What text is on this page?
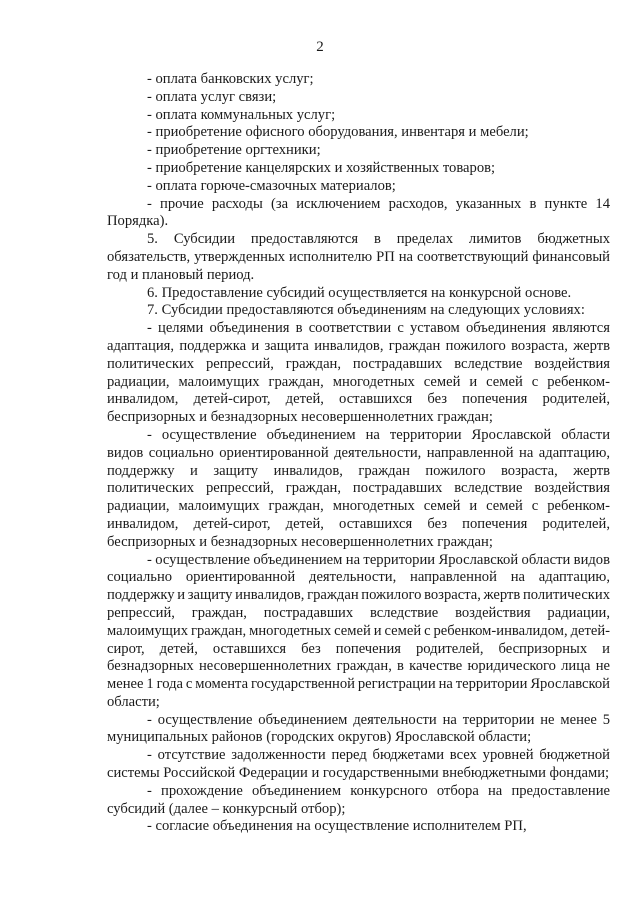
2

- оплата банковских услуг;

- оплата услуг связи;

- оплата коммунальных услуг;

- приобретение офисного оборудования, инвентаря и мебели;

- приобретение оргтехники;

- приобретение канцелярских и хозяйственных товаров;

- оплата горюче-смазочных материалов;

- прочие расходы (за исключением расходов, указанных в пункте 14 Порядка).

5. Субсидии предоставляются в пределах лимитов бюджетных обязательств, утвержденных исполнителю РП на соответствующий финансовый год и плановый период.

6. Предоставление субсидий осуществляется на конкурсной основе.

7. Субсидии предоставляются объединениям на следующих условиях:

- целями объединения в соответствии с уставом объединения являются адаптация, поддержка и защита инвалидов, граждан пожилого возраста, жертв политических репрессий, граждан, пострадавших вследствие воздействия радиации, малоимущих граждан, многодетных семей и семей с ребенком-инвалидом, детей-сирот, детей, оставшихся без попечения родителей, беспризорных и безнадзорных несовершеннолетних граждан;

- осуществление объединением на территории Ярославской области видов социально ориентированной деятельности, направленной на адаптацию, поддержку и защиту инвалидов, граждан пожилого возраста, жертв политических репрессий, граждан, пострадавших вследствие воздействия радиации, малоимущих граждан, многодетных семей и семей с ребенком-инвалидом, детей-сирот, детей, оставшихся без попечения родителей, беспризорных и безнадзорных несовершеннолетних граждан;

- осуществление объединением на территории Ярославской области видов социально ориентированной деятельности, направленной на адаптацию, поддержку и защиту инвалидов, граждан пожилого возраста, жертв политических репрессий, граждан, пострадавших вследствие воздействия радиации, малоимущих граждан, многодетных семей и семей с ребенком-инвалидом, детей-сирот, детей, оставшихся без попечения родителей, беспризорных и безнадзорных несовершеннолетних граждан, в качестве юридического лица не менее 1 года с момента государственной регистрации на территории Ярославской области;

- осуществление объединением деятельности на территории не менее 5 муниципальных районов (городских округов) Ярославской области;

- отсутствие задолженности перед бюджетами всех уровней бюджетной системы Российской Федерации и государственными внебюджетными фондами;

- прохождение объединением конкурсного отбора на предоставление субсидий (далее – конкурсный отбор);

- согласие объединения на осуществление исполнителем РП,
